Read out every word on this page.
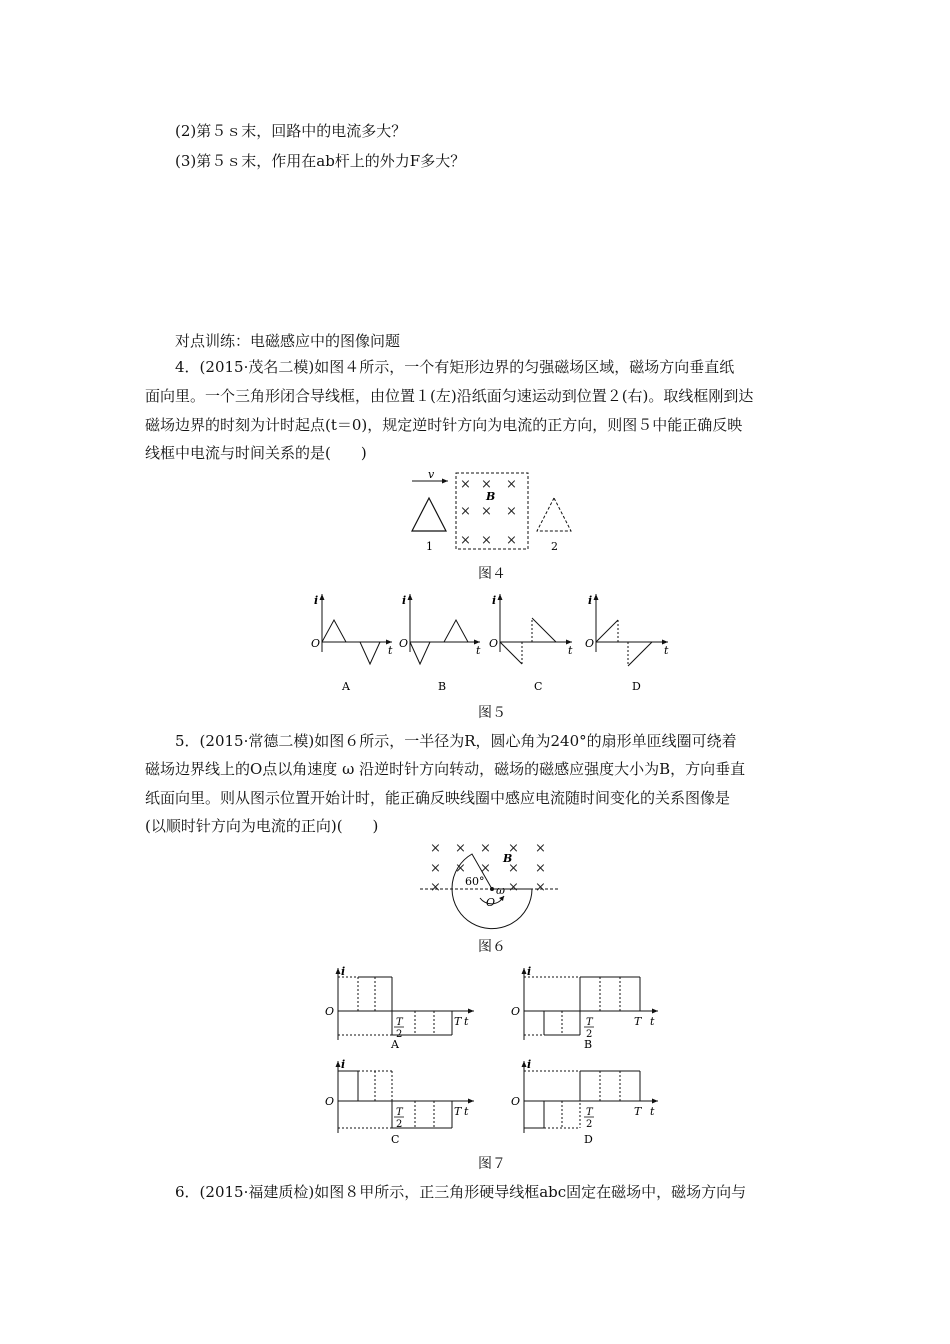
(2)第５ｓ末，回路中的电流多大？
(3)第５ｓ末，作用在ab杆上的外力F多大？
对点训练：电磁感应中的图像问题
4．(2015·茂名二模)如图４所示，一个有矩形边界的匀强磁场区域，磁场方向垂直纸
面向里。一个三角形闭合导线框，由位置１(左)沿纸面匀速运动到位置２(右)。取线框刚到达
磁场边界的时刻为计时起点(t＝0)，规定逆时针方向为电流的正方向，则图５中能正确反映
线框中电流与时间关系的是(　　)
v
1
× × ×
× × ×
× × ×
B
2
图４
i
O
t
A
i
O
t
B
i
O
t
C
i
O
t
D
图５
5．(2015·常德二模)如图６所示，一半径为R，圆心角为240°的扇形单匝线圈可绕着
磁场边界线上的O点以角速度 ω 沿逆时针方向转动，磁场的磁感应强度大小为B，方向垂直
纸面向里。则从图示位置开始计时，能正确反映线圈中感应电流随时间变化的关系图像是
(以顺时针方向为电流的正向)(　　)
× × × × ×
× × × × ×
×	× ×
60°
B
O
ω
图６
i
O
T
2
T t
A
i
O
T
2
T t
B
i
O
T
2
T t
C
i
O
T
2
T t
D
图７
6．(2015·福建质检)如图８甲所示，正三角形硬导线框abc固定在磁场中，磁场方向与
